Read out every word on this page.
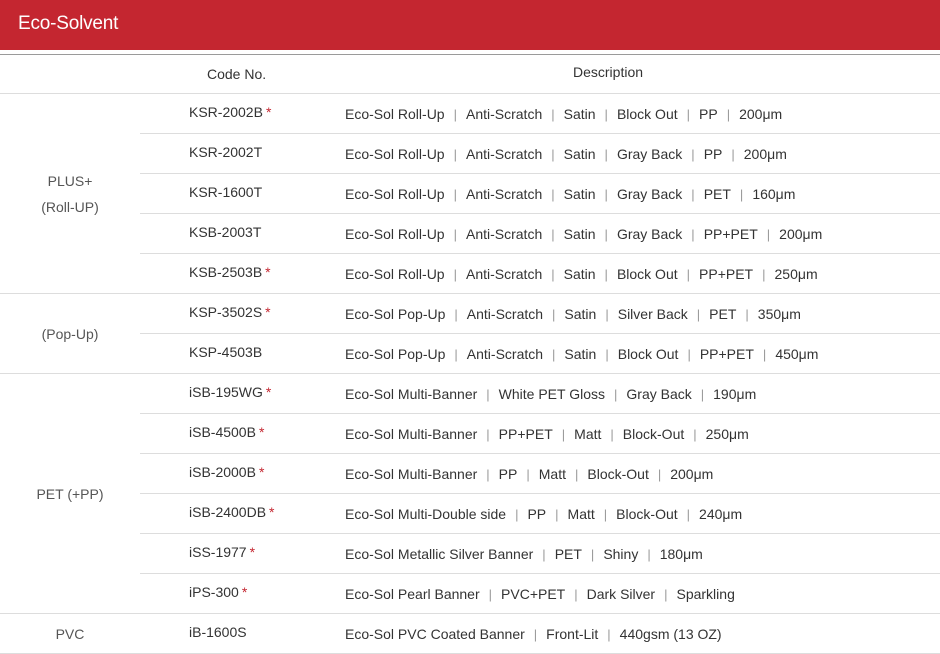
Eco-Solvent
Code No.	Description
PLUS+
(Roll-UP)
KSR-2002B *	Eco-Sol Roll-Up | Anti-Scratch | Satin | Block Out | PP | 200μm
KSR-2002T	Eco-Sol Roll-Up | Anti-Scratch | Satin | Gray Back | PP | 200μm
KSR-1600T	Eco-Sol Roll-Up | Anti-Scratch | Satin | Gray Back | PET | 160μm
KSB-2003T	Eco-Sol Roll-Up | Anti-Scratch | Satin | Gray Back | PP+PET | 200μm
KSB-2503B *	Eco-Sol Roll-Up | Anti-Scratch | Satin | Block Out | PP+PET | 250μm
(Pop-Up)
KSP-3502S *	Eco-Sol Pop-Up | Anti-Scratch | Satin | Silver Back | PET | 350μm
KSP-4503B	Eco-Sol Pop-Up | Anti-Scratch | Satin | Block Out | PP+PET | 450μm
PET (+PP)
iSB-195WG *	Eco-Sol Multi-Banner | White PET Gloss | Gray Back | 190μm
iSB-4500B *	Eco-Sol Multi-Banner | PP+PET | Matt | Block-Out | 250μm
iSB-2000B *	Eco-Sol Multi-Banner | PP | Matt | Block-Out | 200μm
iSB-2400DB *	Eco-Sol Multi-Double side | PP | Matt | Block-Out | 240μm
iSS-1977 *	Eco-Sol Metallic Silver Banner | PET | Shiny | 180μm
iPS-300 *	Eco-Sol Pearl Banner | PVC+PET | Dark Silver | Sparkling
PVC	iB-1600S	Eco-Sol PVC Coated Banner | Front-Lit | 440gsm (13 OZ)
